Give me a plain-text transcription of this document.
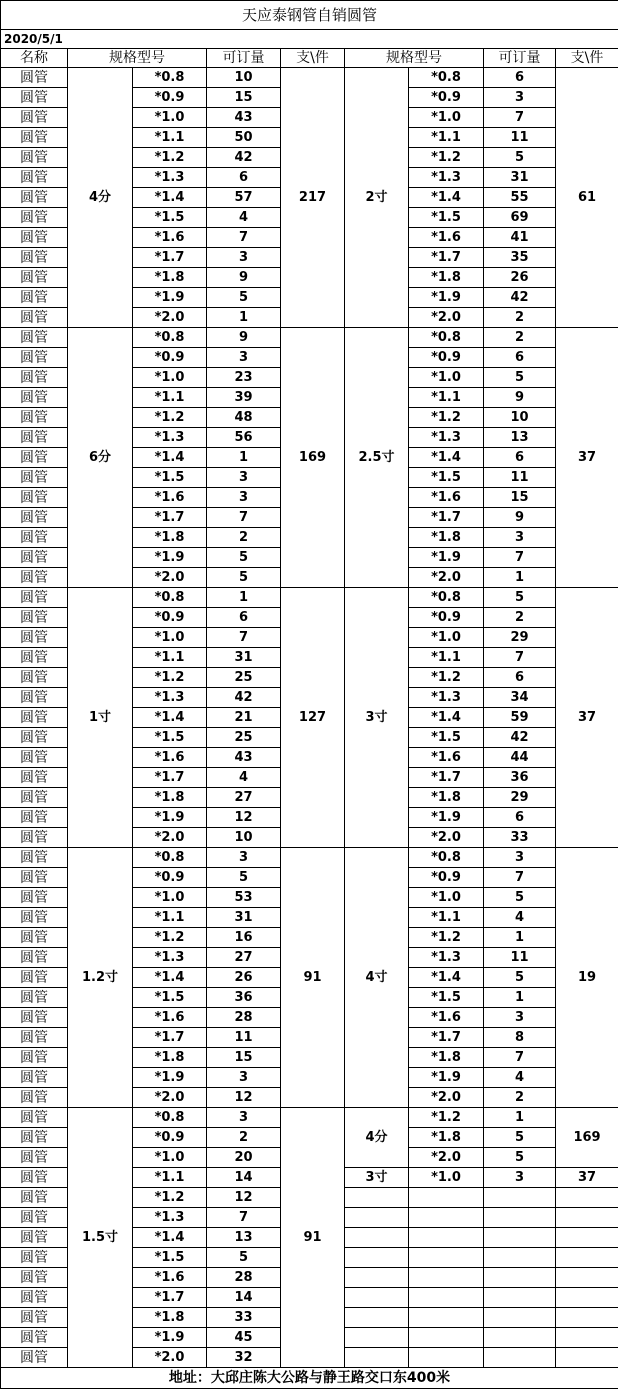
天应泰钢管自销圆管								
2020/5/1								
名称	规格型号		可订量	支\件	规格型号		可订量	支\件
圆管	4分	*0.8	10	217	2寸	*0.8	6	61
圆管		*0.9	15			*0.9	3	
圆管		*1.0	43			*1.0	7	
圆管		*1.1	50			*1.1	11	
圆管		*1.2	42			*1.2	5	
圆管		*1.3	6			*1.3	31	
圆管		*1.4	57			*1.4	55	
圆管		*1.5	4			*1.5	69	
圆管		*1.6	7			*1.6	41	
圆管		*1.7	3			*1.7	35	
圆管		*1.8	9			*1.8	26	
圆管		*1.9	5			*1.9	42	
圆管		*2.0	1			*2.0	2	
圆管	6分	*0.8	9	169	2.5寸	*0.8	2	37
圆管		*0.9	3			*0.9	6	
圆管		*1.0	23			*1.0	5	
圆管		*1.1	39			*1.1	9	
圆管		*1.2	48			*1.2	10	
圆管		*1.3	56			*1.3	13	
圆管		*1.4	1			*1.4	6	
圆管		*1.5	3			*1.5	11	
圆管		*1.6	3			*1.6	15	
圆管		*1.7	7			*1.7	9	
圆管		*1.8	2			*1.8	3	
圆管		*1.9	5			*1.9	7	
圆管		*2.0	5			*2.0	1	
圆管	1寸	*0.8	1	127	3寸	*0.8	5	37
圆管		*0.9	6			*0.9	2	
圆管		*1.0	7			*1.0	29	
圆管		*1.1	31			*1.1	7	
圆管		*1.2	25			*1.2	6	
圆管		*1.3	42			*1.3	34	
圆管		*1.4	21			*1.4	59	
圆管		*1.5	25			*1.5	42	
圆管		*1.6	43			*1.6	44	
圆管		*1.7	4			*1.7	36	
圆管		*1.8	27			*1.8	29	
圆管		*1.9	12			*1.9	6	
圆管		*2.0	10			*2.0	33	
圆管	1.2寸	*0.8	3	91	4寸	*0.8	3	19
圆管		*0.9	5			*0.9	7	
圆管		*1.0	53			*1.0	5	
圆管		*1.1	31			*1.1	4	
圆管		*1.2	16			*1.2	1	
圆管		*1.3	27			*1.3	11	
圆管		*1.4	26			*1.4	5	
圆管		*1.5	36			*1.5	1	
圆管		*1.6	28			*1.6	3	
圆管		*1.7	11			*1.7	8	
圆管		*1.8	15			*1.8	7	
圆管		*1.9	3			*1.9	4	
圆管		*2.0	12			*2.0	2	
圆管	1.5寸	*0.8	3	91	4分	*1.2	1	169
圆管		*0.9	2			*1.8	5	
圆管		*1.0	20			*2.0	5	
圆管		*1.1	14		3寸	*1.0	3	37
圆管		*1.2	12					
圆管		*1.3	7					
圆管		*1.4	13					
圆管		*1.5	5					
圆管		*1.6	28					
圆管		*1.7	14					
圆管		*1.8	33					
圆管		*1.9	45					
圆管		*2.0	32					
地址：大邱庄陈大公路与静王路交口东400米								
